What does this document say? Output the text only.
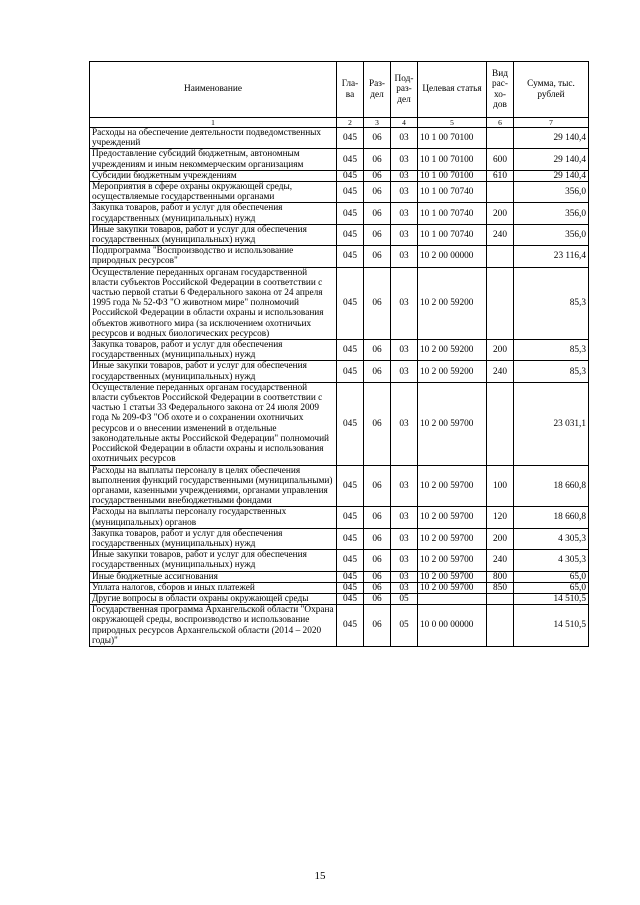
Наименование	Гла-ва	Раз-дел	Под-раз-дел	Целевая статья	Вид рас-хо-дов	Сумма, тыс. рублей
1	2	3	4	5	6	7
Расходы на обеспечение деятельности подведомственных учреждений	045	06	03	10 1 00 70100		29 140,4
Предоставление субсидий бюджетным, автономным учреждениям и иным некоммерческим организациям	045	06	03	10 1 00 70100	600	29 140,4
Субсидии бюджетным учреждениям	045	06	03	10 1 00 70100	610	29 140,4
Мероприятия в сфере охраны окружающей среды, осуществляемые государственными органами	045	06	03	10 1 00 70740		356,0
Закупка товаров, работ и услуг для обеспечения государственных (муниципальных) нужд	045	06	03	10 1 00 70740	200	356,0
Иные закупки товаров, работ и услуг для обеспечения государственных (муниципальных) нужд	045	06	03	10 1 00 70740	240	356,0
Подпрограмма "Воспроизводство и использование природных ресурсов"	045	06	03	10 2 00 00000		23 116,4
Осуществление переданных органам государственной власти субъектов Российской Федерации в соответствии с частью первой статьи 6 Федерального закона от 24 апреля 1995 года № 52-ФЗ "О животном мире" полномочий Российской Федерации в области охраны и использования объектов животного мира (за исключением охотничьих ресурсов и водных биологических ресурсов)	045	06	03	10 2 00 59200		85,3
Закупка товаров, работ и услуг для обеспечения государственных (муниципальных) нужд	045	06	03	10 2 00 59200	200	85,3
Иные закупки товаров, работ и услуг для обеспечения государственных (муниципальных) нужд	045	06	03	10 2 00 59200	240	85,3
Осуществление переданных органам государственной власти субъектов Российской Федерации в соответствии с частью 1 статьи 33 Федерального закона от 24 июля 2009 года № 209-ФЗ "Об охоте и о сохранении охотничьих ресурсов и о внесении изменений в отдельные законодательные акты Российской Федерации" полномочий Российской Федерации в области охраны и использования охотничьих ресурсов	045	06	03	10 2 00 59700		23 031,1
Расходы на выплаты персоналу в целях обеспечения выполнения функций государственными (муниципальными) органами, казенными учреждениями, органами управления государственными внебюджетными фондами	045	06	03	10 2 00 59700	100	18 660,8
Расходы на выплаты персоналу государственных (муниципальных) органов	045	06	03	10 2 00 59700	120	18 660,8
Закупка товаров, работ и услуг для обеспечения государственных (муниципальных) нужд	045	06	03	10 2 00 59700	200	4 305,3
Иные закупки товаров, работ и услуг для обеспечения государственных (муниципальных) нужд	045	06	03	10 2 00 59700	240	4 305,3
Иные бюджетные ассигнования	045	06	03	10 2 00 59700	800	65,0
Уплата налогов, сборов и иных платежей	045	06	03	10 2 00 59700	850	65,0
Другие вопросы в области охраны окружающей среды	045	06	05			14 510,5
Государственная программа Архангельской области "Охрана окружающей среды, воспроизводство и использование природных ресурсов Архангельской области (2014 – 2020 годы)"	045	06	05	10 0 00 00000		14 510,5
15
